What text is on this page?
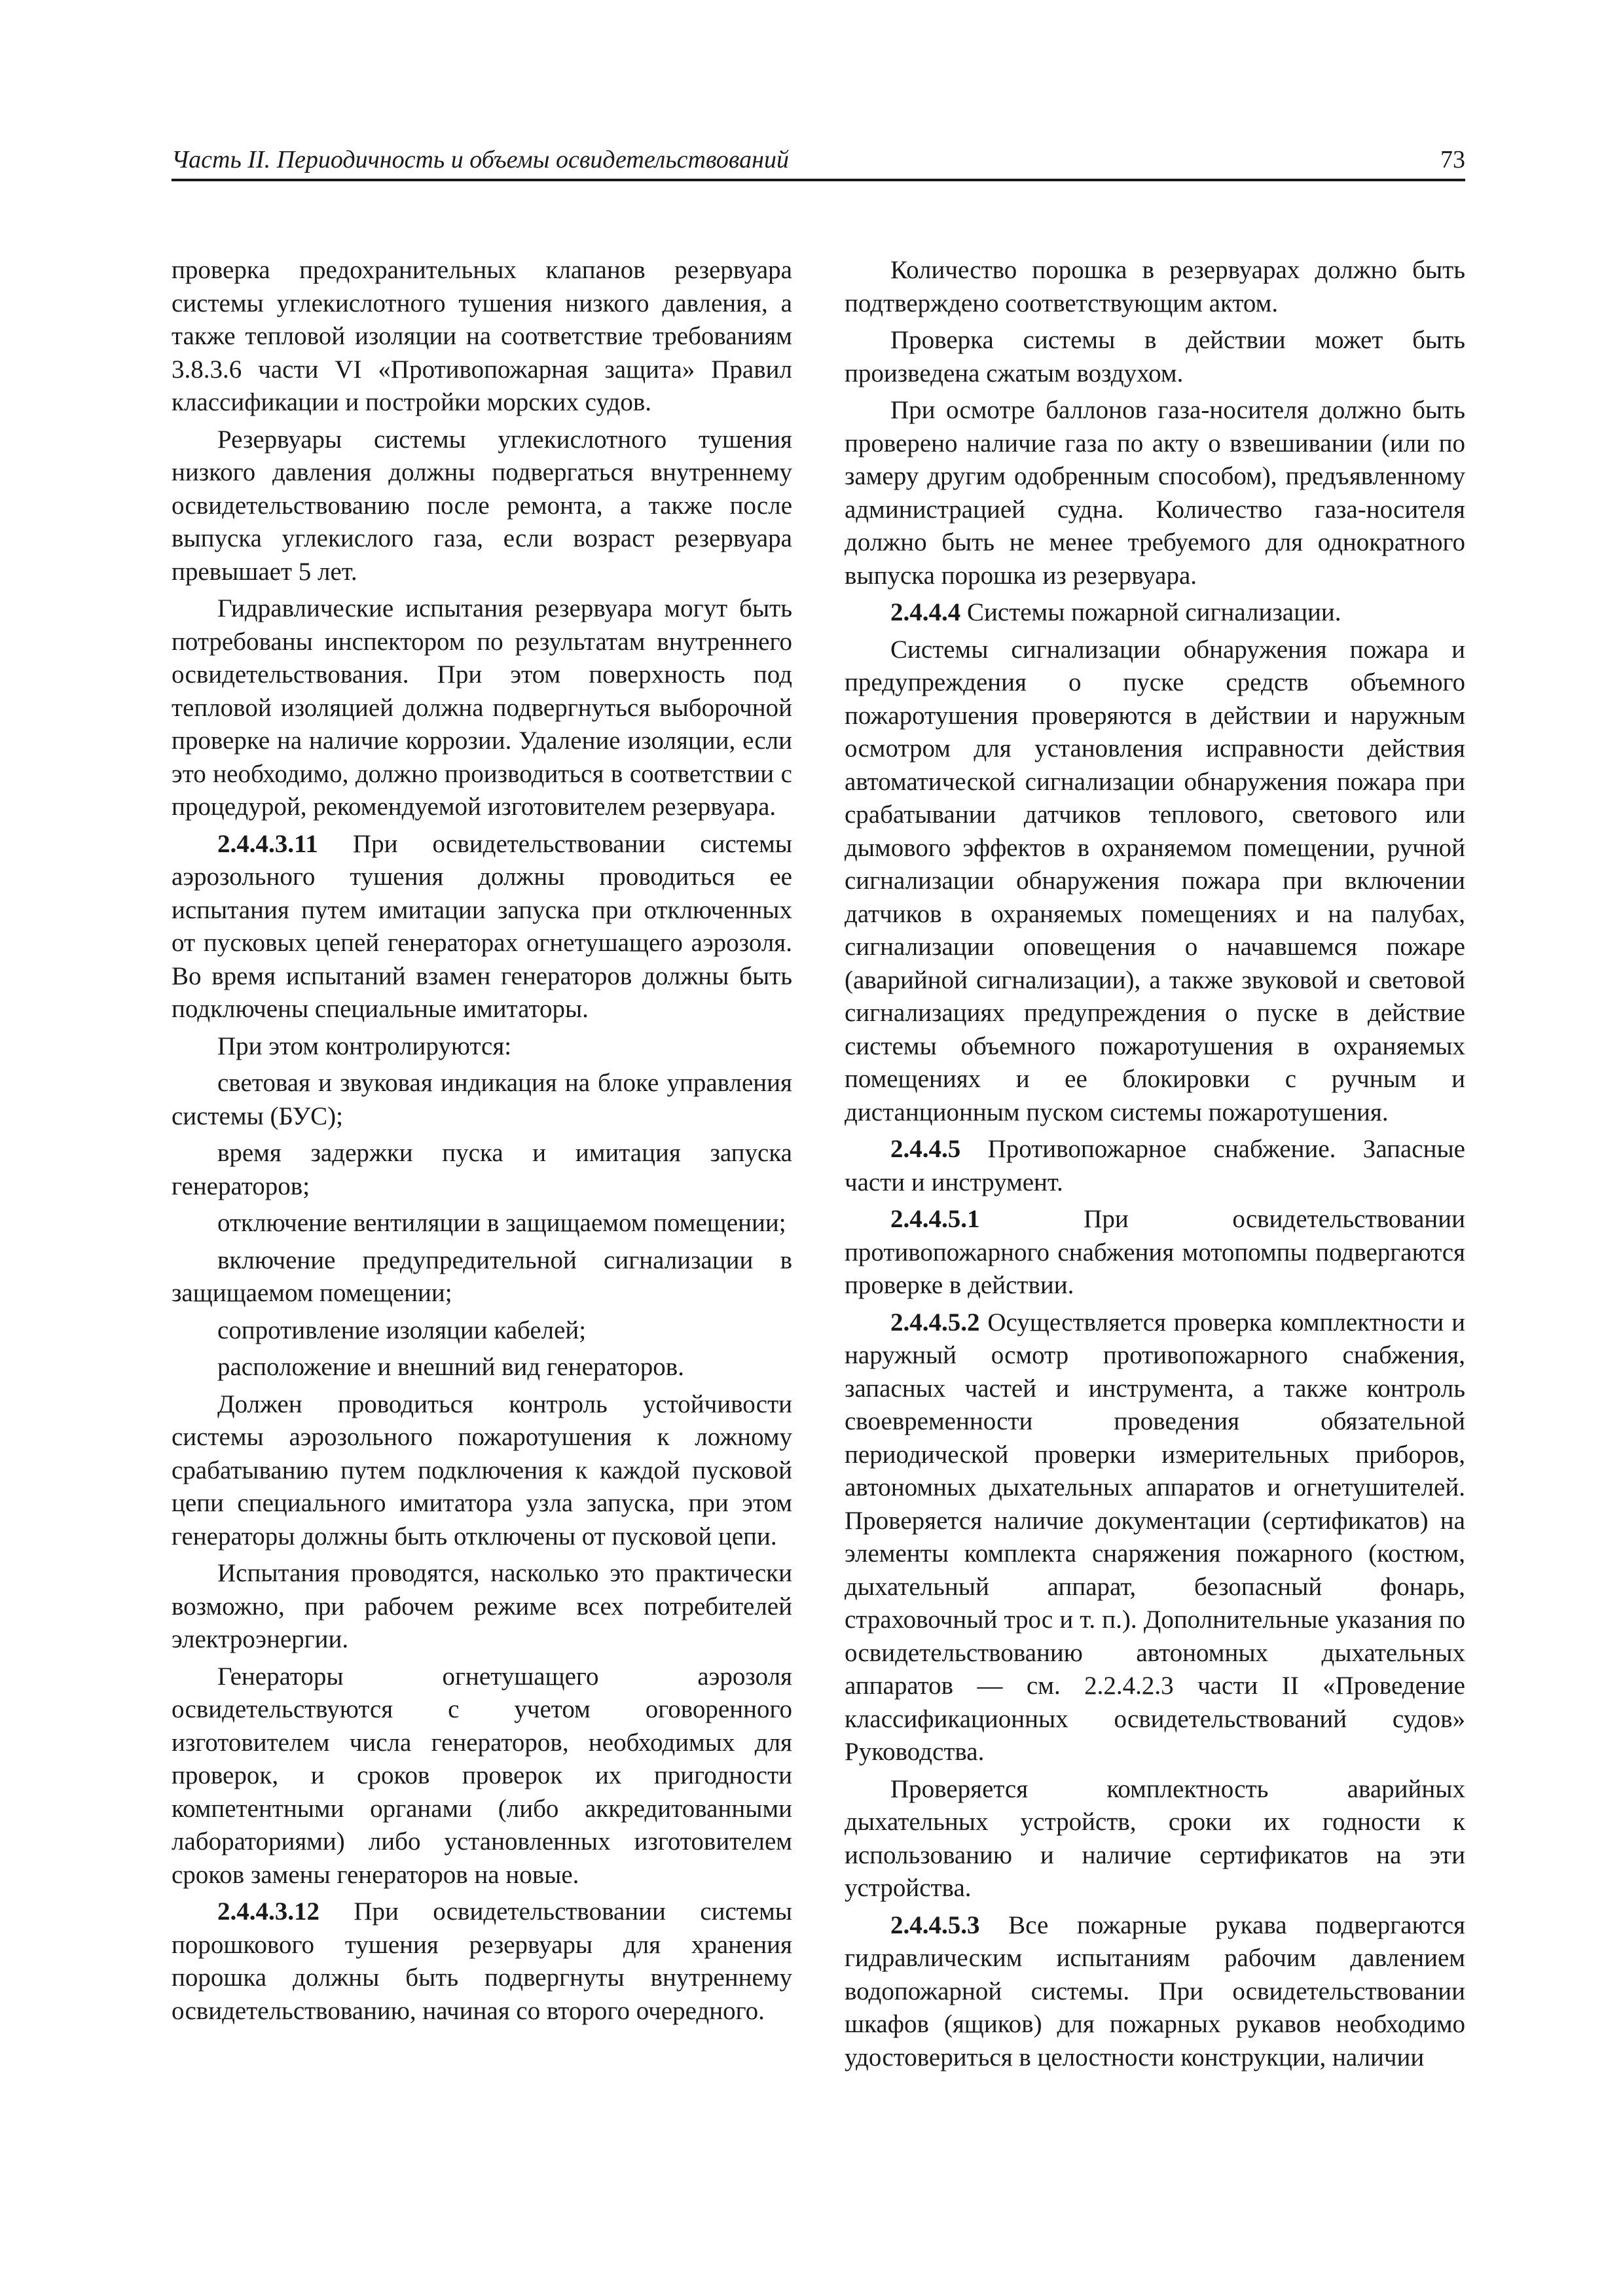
Часть II. Периодичность и объемы освидетельствований	73

проверка предохранительных клапанов резервуара системы углекислотного тушения низкого давления, а также тепловой изоляции на соответствие требованиям 3.8.3.6 части VI «Противопожарная защита» Правил классификации и постройки морских судов.

Резервуары системы углекислотного тушения низкого давления должны подвергаться внутреннему освидетельствованию после ремонта, а также после выпуска углекислого газа, если возраст резервуара превышает 5 лет.

Гидравлические испытания резервуара могут быть потребованы инспектором по результатам внутреннего освидетельствования. При этом поверхность под тепловой изоляцией должна подвергнуться выборочной проверке на наличие коррозии. Удаление изоляции, если это необходимо, должно производиться в соответствии с процедурой, рекомендуемой изготовителем резервуара.

2.4.4.3.11 При освидетельствовании системы аэрозольного тушения должны проводиться ее испытания путем имитации запуска при отключенных от пусковых цепей генераторах огнетушащего аэрозоля. Во время испытаний взамен генераторов должны быть подключены специальные имитаторы.

При этом контролируются:

световая и звуковая индикация на блоке управления системы (БУС);

время задержки пуска и имитация запуска генераторов;

отключение вентиляции в защищаемом помещении;

включение предупредительной сигнализации в защищаемом помещении;

сопротивление изоляции кабелей;

расположение и внешний вид генераторов.

Должен проводиться контроль устойчивости системы аэрозольного пожаротушения к ложному срабатыванию путем подключения к каждой пусковой цепи специального имитатора узла запуска, при этом генераторы должны быть отключены от пусковой цепи.

Испытания проводятся, насколько это практически возможно, при рабочем режиме всех потребителей электроэнергии.

Генераторы огнетушащего аэрозоля освидетельствуются с учетом оговоренного изготовителем числа генераторов, необходимых для проверок, и сроков проверок их пригодности компетентными органами (либо аккредитованными лабораториями) либо установленных изготовителем сроков замены генераторов на новые.

2.4.4.3.12 При освидетельствовании системы порошкового тушения резервуары для хранения порошка должны быть подвергнуты внутреннему освидетельствованию, начиная со второго очередного.

Количество порошка в резервуарах должно быть подтверждено соответствующим актом.

Проверка системы в действии может быть произведена сжатым воздухом.

При осмотре баллонов газа-носителя должно быть проверено наличие газа по акту о взвешивании (или по замеру другим одобренным способом), предъявленному администрацией судна. Количество газа-носителя должно быть не менее требуемого для однократного выпуска порошка из резервуара.

2.4.4.4 Системы пожарной сигнализации.

Системы сигнализации обнаружения пожара и предупреждения о пуске средств объемного пожаротушения проверяются в действии и наружным осмотром для установления исправности действия автоматической сигнализации обнаружения пожара при срабатывании датчиков теплового, светового или дымового эффектов в охраняемом помещении, ручной сигнализации обнаружения пожара при включении датчиков в охраняемых помещениях и на палубах, сигнализации оповещения о начавшемся пожаре (аварийной сигнализации), а также звуковой и световой сигнализациях предупреждения о пуске в действие системы объемного пожаротушения в охраняемых помещениях и ее блокировки с ручным и дистанционным пуском системы пожаротушения.

2.4.4.5 Противопожарное снабжение. Запасные части и инструмент.

2.4.4.5.1 При освидетельствовании противопожарного снабжения мотопомпы подвергаются проверке в действии.

2.4.4.5.2 Осуществляется проверка комплектности и наружный осмотр противопожарного снабжения, запасных частей и инструмента, а также контроль своевременности проведения обязательной периодической проверки измерительных приборов, автономных дыхательных аппаратов и огнетушителей. Проверяется наличие документации (сертификатов) на элементы комплекта снаряжения пожарного (костюм, дыхательный аппарат, безопасный фонарь, страховочный трос и т. п.). Дополнительные указания по освидетельствованию автономных дыхательных аппаратов — см. 2.2.4.2.3 части II «Проведение классификационных освидетельствований судов» Руководства.

Проверяется комплектность аварийных дыхательных устройств, сроки их годности к использованию и наличие сертификатов на эти устройства.

2.4.4.5.3 Все пожарные рукава подвергаются гидравлическим испытаниям рабочим давлением водопожарной системы. При освидетельствовании шкафов (ящиков) для пожарных рукавов необходимо удостовериться в целостности конструкции, наличии
